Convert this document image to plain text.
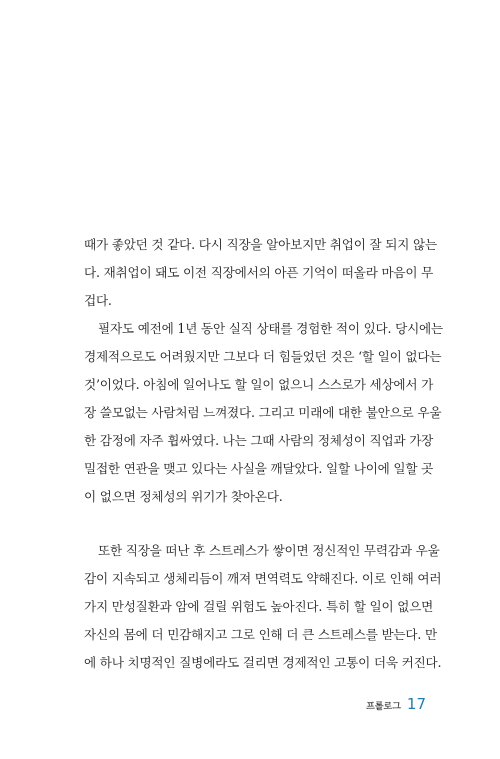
때가 좋았던 것 같다. 다시 직장을 알아보지만 취업이 잘 되지 않는
다. 재취업이 돼도 이전 직장에서의 아픈 기억이 떠올라 마음이 무
겁다.
필자도 예전에 1년 동안 실직 상태를 경험한 적이 있다. 당시에는
경제적으로도 어려웠지만 그보다 더 힘들었던 것은 ‘할 일이 없다는
것’이었다. 아침에 일어나도 할 일이 없으니 스스로가 세상에서 가
장 쓸모없는 사람처럼 느껴졌다. 그리고 미래에 대한 불안으로 우울
한 감정에 자주 휩싸였다. 나는 그때 사람의 정체성이 직업과 가장
밀접한 연관을 맺고 있다는 사실을 깨달았다. 일할 나이에 일할 곳
이 없으면 정체성의 위기가 찾아온다.
또한 직장을 떠난 후 스트레스가 쌓이면 정신적인 무력감과 우울
감이 지속되고 생체리듬이 깨져 면역력도 약해진다. 이로 인해 여러
가지 만성질환과 암에 걸릴 위험도 높아진다. 특히 할 일이 없으면
자신의 몸에 더 민감해지고 그로 인해 더 큰 스트레스를 받는다. 만
에 하나 치명적인 질병에라도 걸리면 경제적인 고통이 더욱 커진다.
프롤로그 17
